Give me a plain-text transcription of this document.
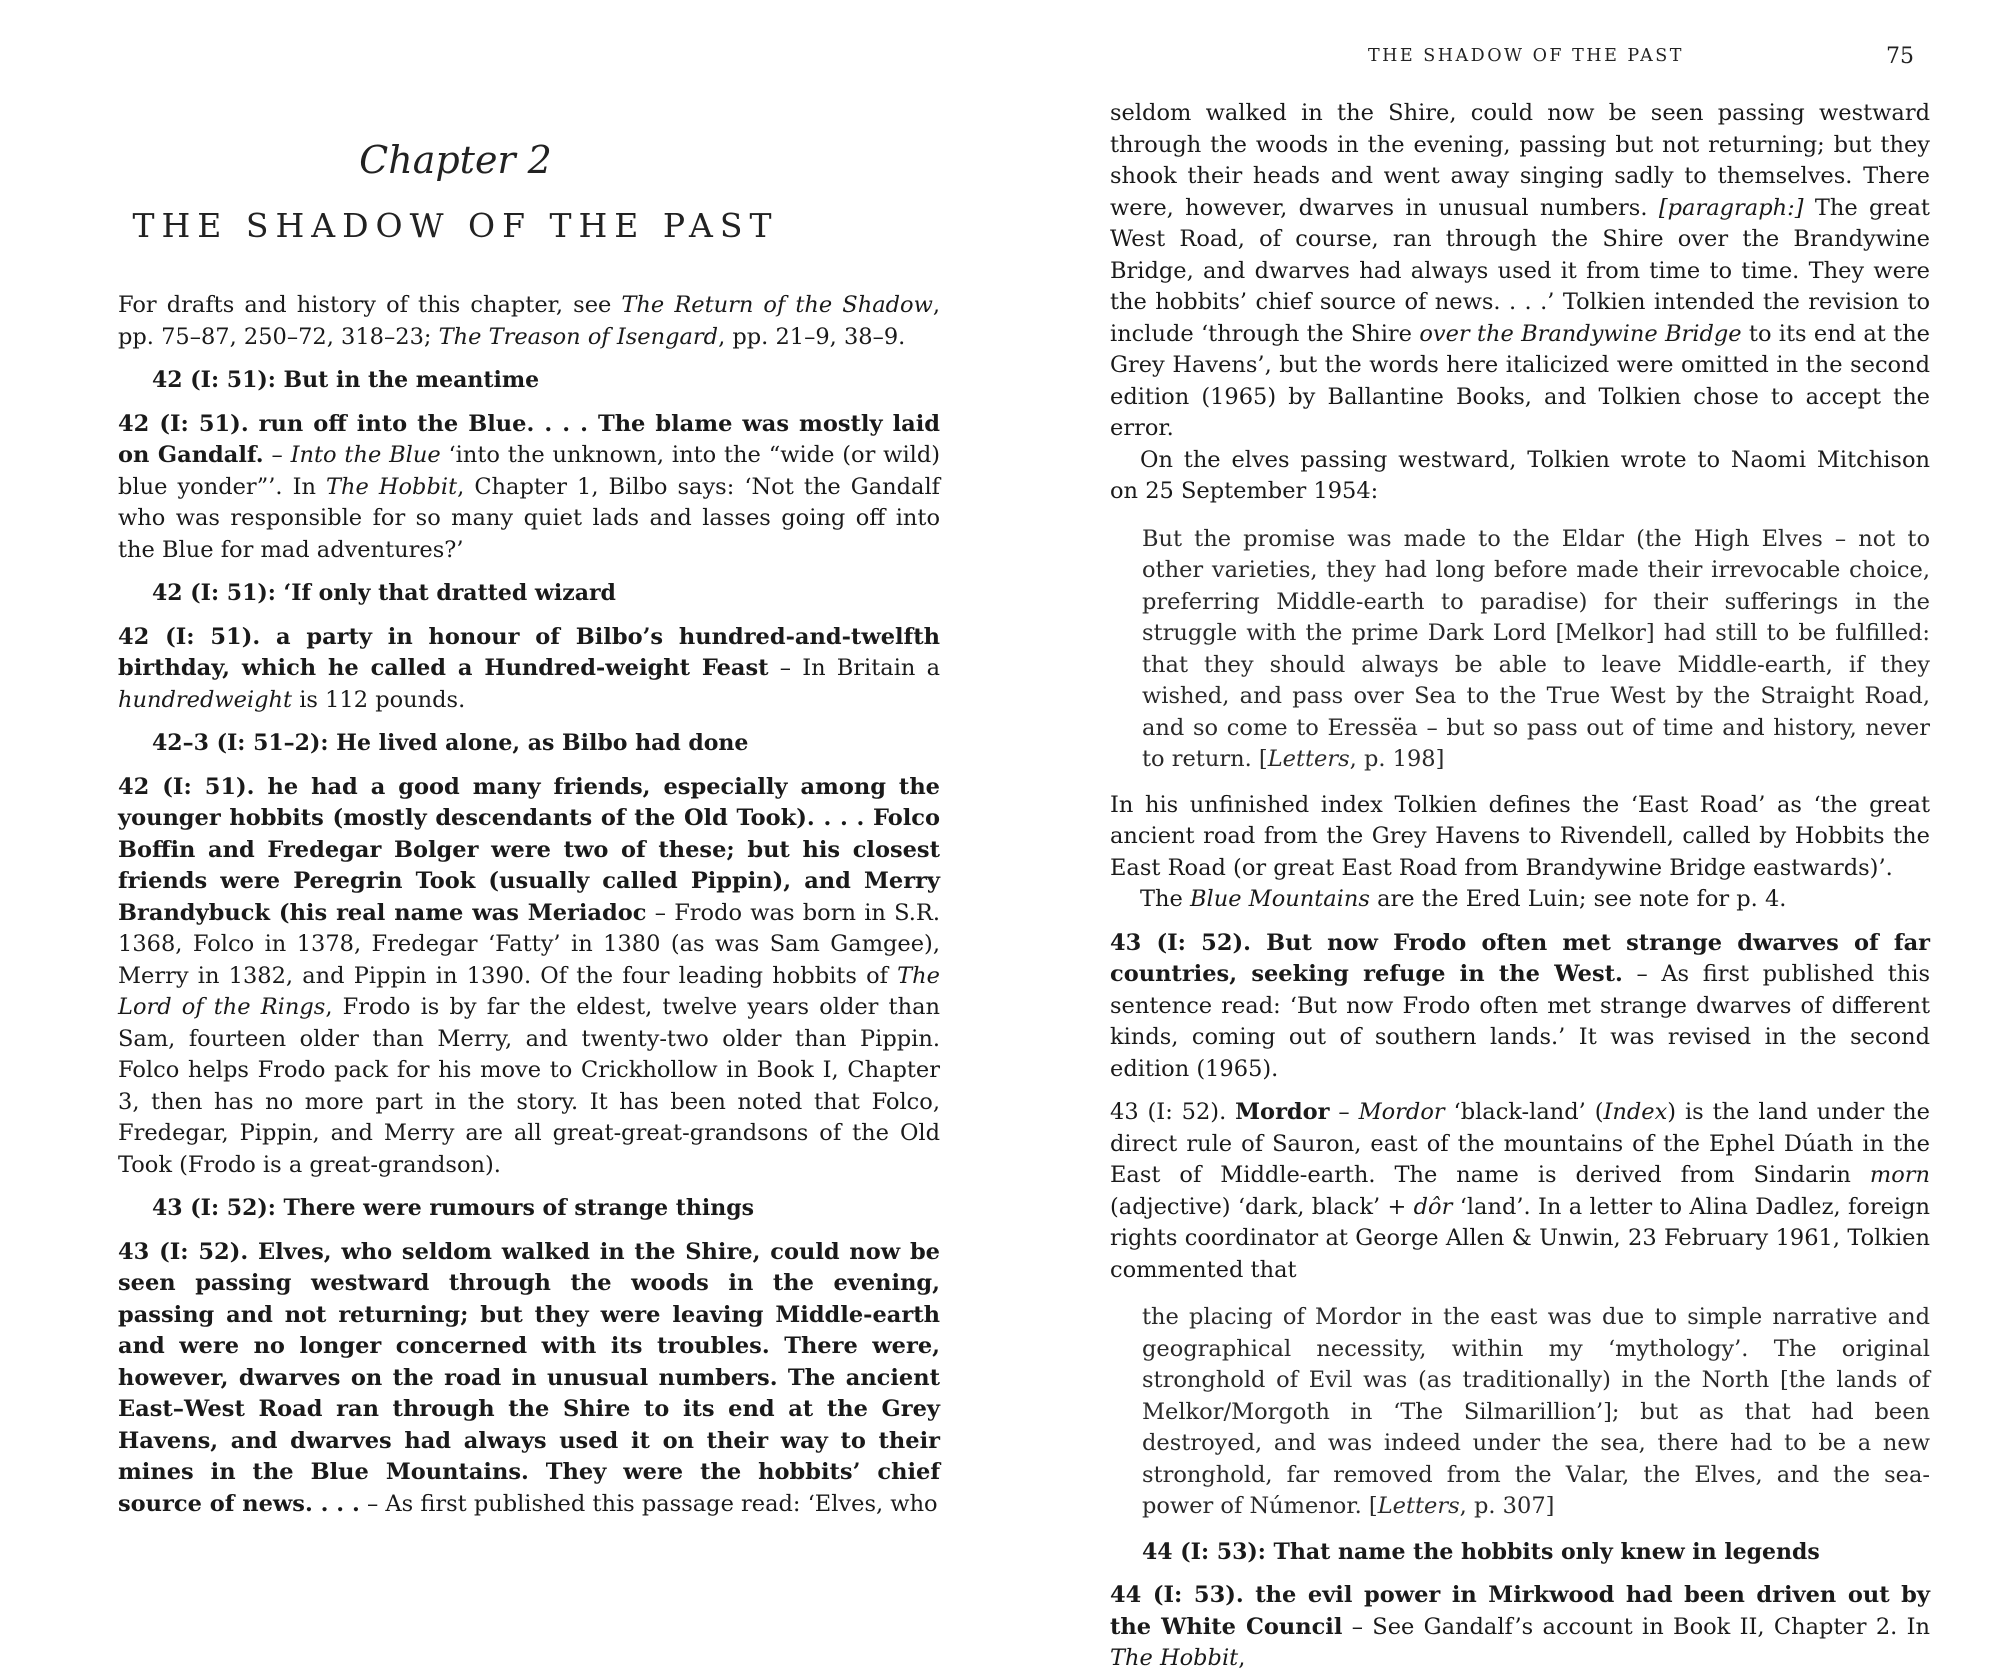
Chapter 2
THE SHADOW OF THE PAST

For drafts and history of this chapter, see The Return of the Shadow, pp. 75–87, 250–72, 318–23; The Treason of Isengard, pp. 21–9, 38–9.

42 (I: 51): But in the meantime

42 (I: 51). run off into the Blue. . . . The blame was mostly laid on Gandalf. – Into the Blue ‘into the unknown, into the “wide (or wild) blue yonder”’. In The Hobbit, Chapter 1, Bilbo says: ‘Not the Gandalf who was responsible for so many quiet lads and lasses going off into the Blue for mad adventures?’

42 (I: 51): ‘If only that dratted wizard

42 (I: 51). a party in honour of Bilbo’s hundred-and-twelfth birthday, which he called a Hundred-weight Feast – In Britain a hundredweight is 112 pounds.

42–3 (I: 51–2): He lived alone, as Bilbo had done

42 (I: 51). he had a good many friends, especially among the younger hobbits (mostly descendants of the Old Took). . . . Folco Boffin and Fredegar Bolger were two of these; but his closest friends were Peregrin Took (usually called Pippin), and Merry Brandybuck (his real name was Meriadoc – Frodo was born in S.R. 1368, Folco in 1378, Fredegar ‘Fatty’ in 1380 (as was Sam Gamgee), Merry in 1382, and Pippin in 1390. Of the four leading hobbits of The Lord of the Rings, Frodo is by far the eldest, twelve years older than Sam, fourteen older than Merry, and twenty-two older than Pippin. Folco helps Frodo pack for his move to Crickhollow in Book I, Chapter 3, then has no more part in the story. It has been noted that Folco, Fredegar, Pippin, and Merry are all great-great-grandsons of the Old Took (Frodo is a great-grandson).

43 (I: 52): There were rumours of strange things

43 (I: 52). Elves, who seldom walked in the Shire, could now be seen passing westward through the woods in the evening, passing and not returning; but they were leaving Middle-earth and were no longer concerned with its troubles. There were, however, dwarves on the road in unusual numbers. The ancient East–West Road ran through the Shire to its end at the Grey Havens, and dwarves had always used it on their way to their mines in the Blue Mountains. They were the hobbits’ chief source of news. . . . – As first published this passage read: ‘Elves, who

THE SHADOW OF THE PAST	75

seldom walked in the Shire, could now be seen passing westward through the woods in the evening, passing but not returning; but they shook their heads and went away singing sadly to themselves. There were, however, dwarves in unusual numbers. [paragraph:] The great West Road, of course, ran through the Shire over the Brandywine Bridge, and dwarves had always used it from time to time. They were the hobbits’ chief source of news. . . .’ Tolkien intended the revision to include ‘through the Shire over the Brandywine Bridge to its end at the Grey Havens’, but the words here italicized were omitted in the second edition (1965) by Ballantine Books, and Tolkien chose to accept the error.

On the elves passing westward, Tolkien wrote to Naomi Mitchison on 25 September 1954:

But the promise was made to the Eldar (the High Elves – not to other varieties, they had long before made their irrevocable choice, preferring Middle-earth to paradise) for their sufferings in the struggle with the prime Dark Lord [Melkor] had still to be fulfilled: that they should always be able to leave Middle-earth, if they wished, and pass over Sea to the True West by the Straight Road, and so come to Eressëa – but so pass out of time and history, never to return. [Letters, p. 198]

In his unfinished index Tolkien defines the ‘East Road’ as ‘the great ancient road from the Grey Havens to Rivendell, called by Hobbits the East Road (or great East Road from Brandywine Bridge eastwards)’.

The Blue Mountains are the Ered Luin; see note for p. 4.

43 (I: 52). But now Frodo often met strange dwarves of far countries, seeking refuge in the West. – As first published this sentence read: ‘But now Frodo often met strange dwarves of different kinds, coming out of southern lands.’ It was revised in the second edition (1965).

43 (I: 52). Mordor – Mordor ‘black-land’ (Index) is the land under the direct rule of Sauron, east of the mountains of the Ephel Dúath in the East of Middle-earth. The name is derived from Sindarin morn (adjective) ‘dark, black’ + dôr ‘land’. In a letter to Alina Dadlez, foreign rights coordinator at George Allen & Unwin, 23 February 1961, Tolkien commented that

the placing of Mordor in the east was due to simple narrative and geographical necessity, within my ‘mythology’. The original stronghold of Evil was (as traditionally) in the North [the lands of Melkor/Morgoth in ‘The Silmarillion’]; but as that had been destroyed, and was indeed under the sea, there had to be a new stronghold, far removed from the Valar, the Elves, and the sea-power of Númenor. [Letters, p. 307]

44 (I: 53): That name the hobbits only knew in legends

44 (I: 53). the evil power in Mirkwood had been driven out by the White Council – See Gandalf’s account in Book II, Chapter 2. In The Hobbit,
